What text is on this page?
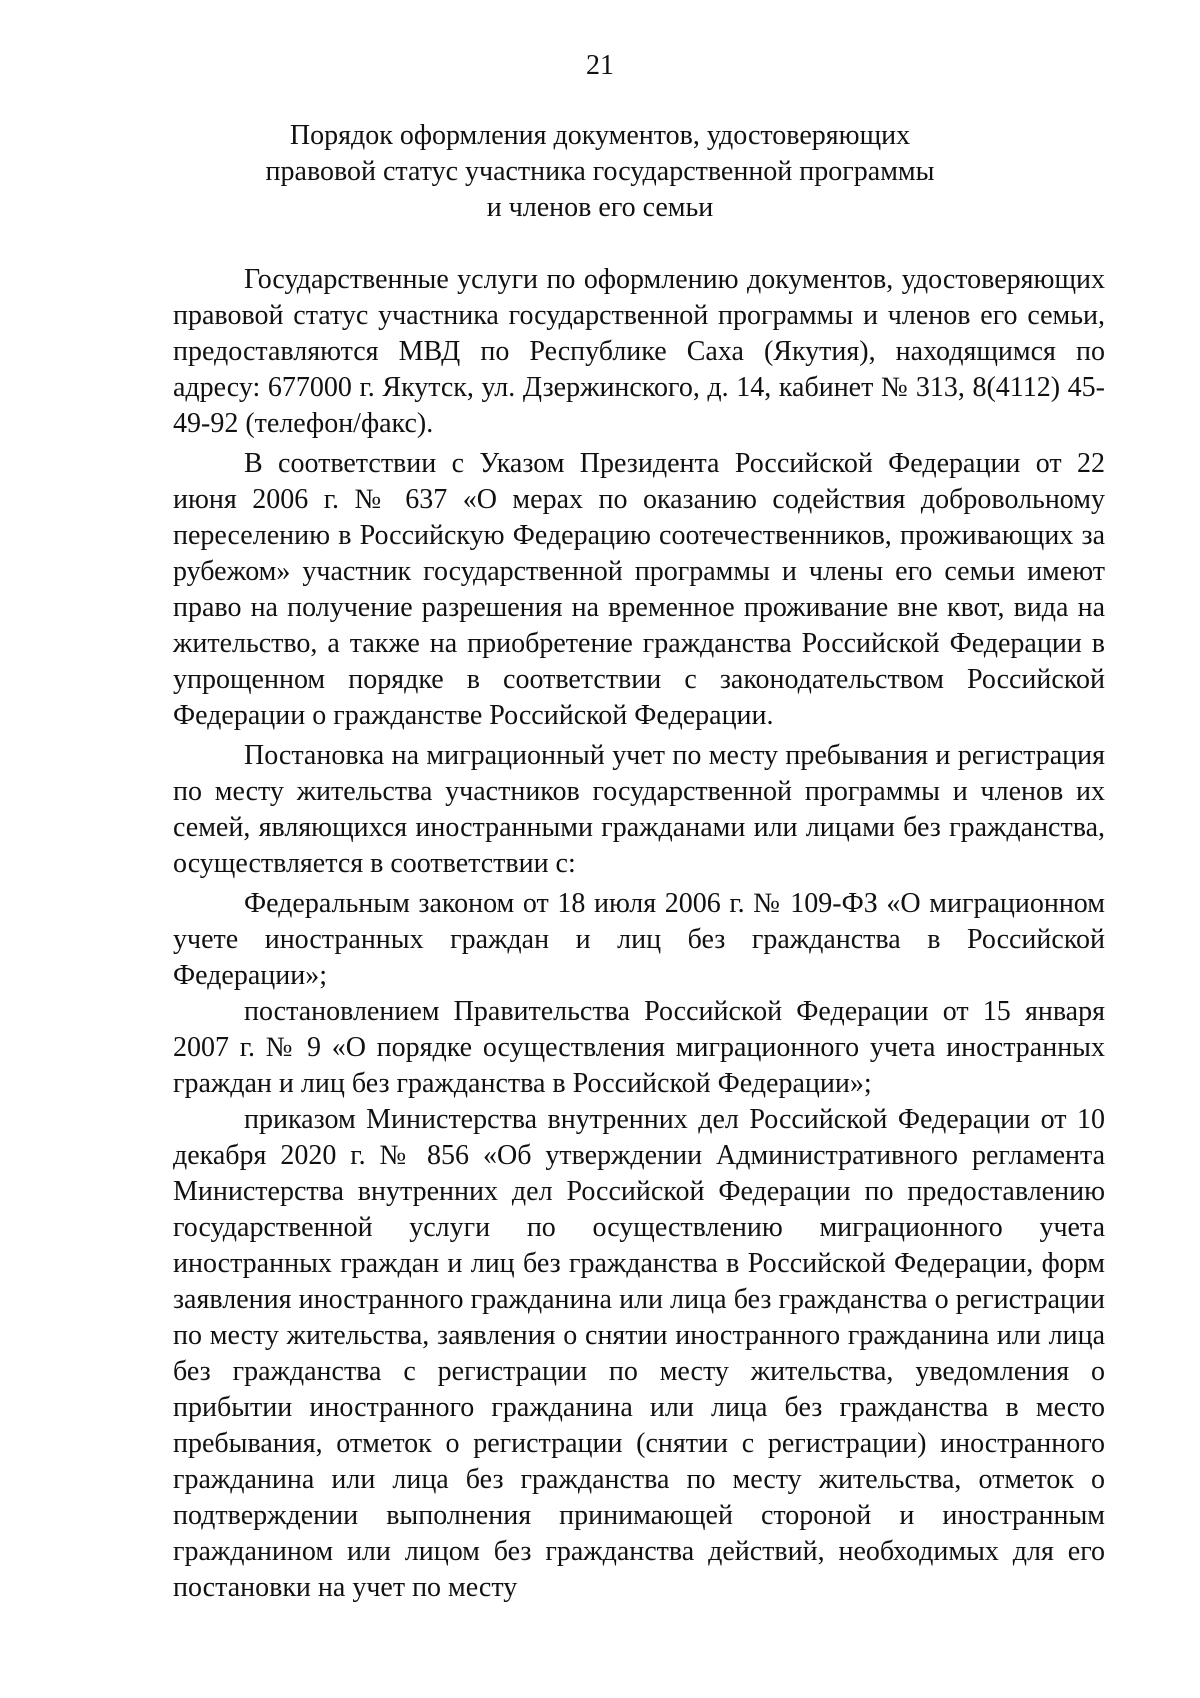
21
Порядок оформления документов, удостоверяющих
правовой статус участника государственной программы
и членов его семьи

Государственные услуги по оформлению документов, удостоверяющих правовой статус участника государственной программы и членов его семьи, предоставляются МВД по Республике Саха (Якутия), находящимся по адресу: 677000 г. Якутск, ул. Дзержинского, д. 14, кабинет № 313, 8(4112) 45-49-92 (телефон/факс).

В соответствии с Указом Президента Российской Федерации от 22 июня 2006 г. № 637 «О мерах по оказанию содействия добровольному переселению в Российскую Федерацию соотечественников, проживающих за рубежом» участник государственной программы и члены его семьи имеют право на получение разрешения на временное проживание вне квот, вида на жительство, а также на приобретение гражданства Российской Федерации в упрощенном порядке в соответствии с законодательством Российской Федерации о гражданстве Российской Федерации.

Постановка на миграционный учет по месту пребывания и регистрация по месту жительства участников государственной программы и членов их семей, являющихся иностранными гражданами или лицами без гражданства, осуществляется в соответствии с:

Федеральным законом от 18 июля 2006 г. № 109-ФЗ «О миграционном учете иностранных граждан и лиц без гражданства в Российской Федерации»;

постановлением Правительства Российской Федерации от 15 января 2007 г. № 9 «О порядке осуществления миграционного учета иностранных граждан и лиц без гражданства в Российской Федерации»;

приказом Министерства внутренних дел Российской Федерации от 10 декабря 2020 г. № 856 «Об утверждении Административного регламента Министерства внутренних дел Российской Федерации по предоставлению государственной услуги по осуществлению миграционного учета иностранных граждан и лиц без гражданства в Российской Федерации, форм заявления иностранного гражданина или лица без гражданства о регистрации по месту жительства, заявления о снятии иностранного гражданина или лица без гражданства с регистрации по месту жительства, уведомления о прибытии иностранного гражданина или лица без гражданства в место пребывания, отметок о регистрации (снятии с регистрации) иностранного гражданина или лица без гражданства по месту жительства, отметок о подтверждении выполнения принимающей стороной и иностранным гражданином или лицом без гражданства действий, необходимых для его постановки на учет по месту
